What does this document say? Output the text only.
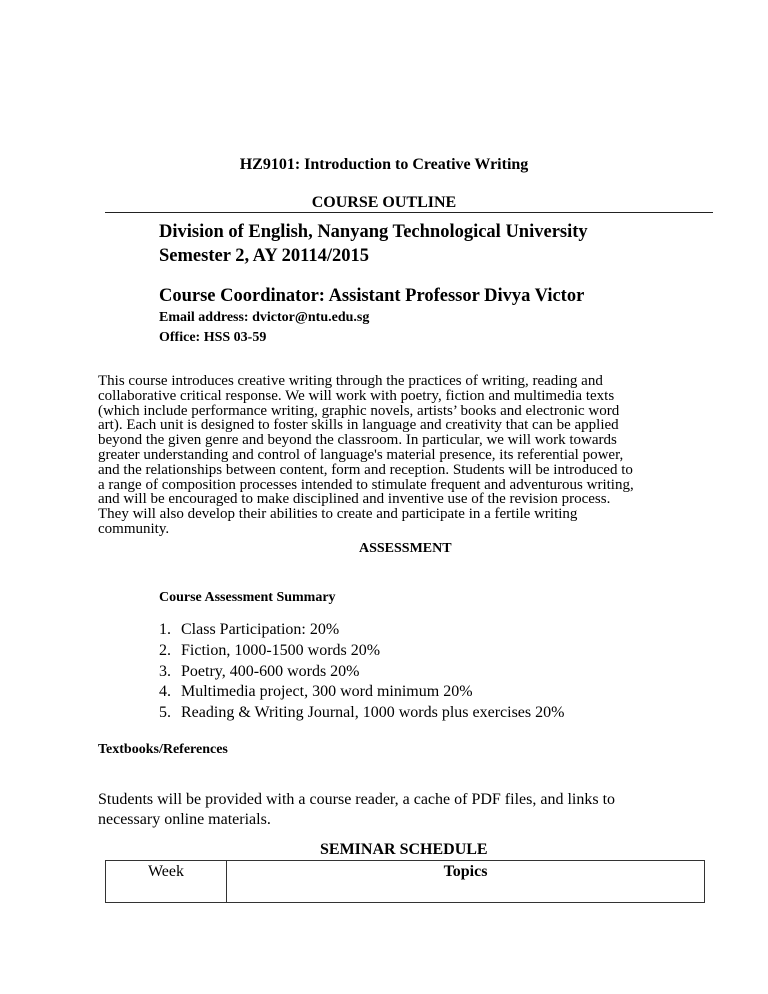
HZ9101: Introduction to Creative Writing
COURSE OUTLINE
Division of English, Nanyang Technological University
Semester 2, AY 20114/2015
Course Coordinator: Assistant Professor Divya Victor
Email address: dvictor@ntu.edu.sg
Office: HSS 03-59
This course introduces creative writing through the practices of writing, reading and
collaborative critical response. We will work with poetry, fiction and multimedia texts
(which include performance writing, graphic novels, artists’ books and electronic word
art). Each unit is designed to foster skills in language and creativity that can be applied
beyond the given genre and beyond the classroom. In particular, we will work towards
greater understanding and control of language's material presence, its referential power,
and the relationships between content, form and reception. Students will be introduced to
a range of composition processes intended to stimulate frequent and adventurous writing,
and will be encouraged to make disciplined and inventive use of the revision process.
They will also develop their abilities to create and participate in a fertile writing
community.
ASSESSMENT
Course Assessment Summary
1. Class Participation: 20%
2. Fiction, 1000-1500 words 20%
3. Poetry, 400-600 words 20%
4. Multimedia project, 300 word minimum 20%
5. Reading & Writing Journal, 1000 words plus exercises 20%
Textbooks/References
Students will be provided with a course reader, a cache of PDF files, and links to
necessary online materials.
SEMINAR SCHEDULE
Week	Topics
